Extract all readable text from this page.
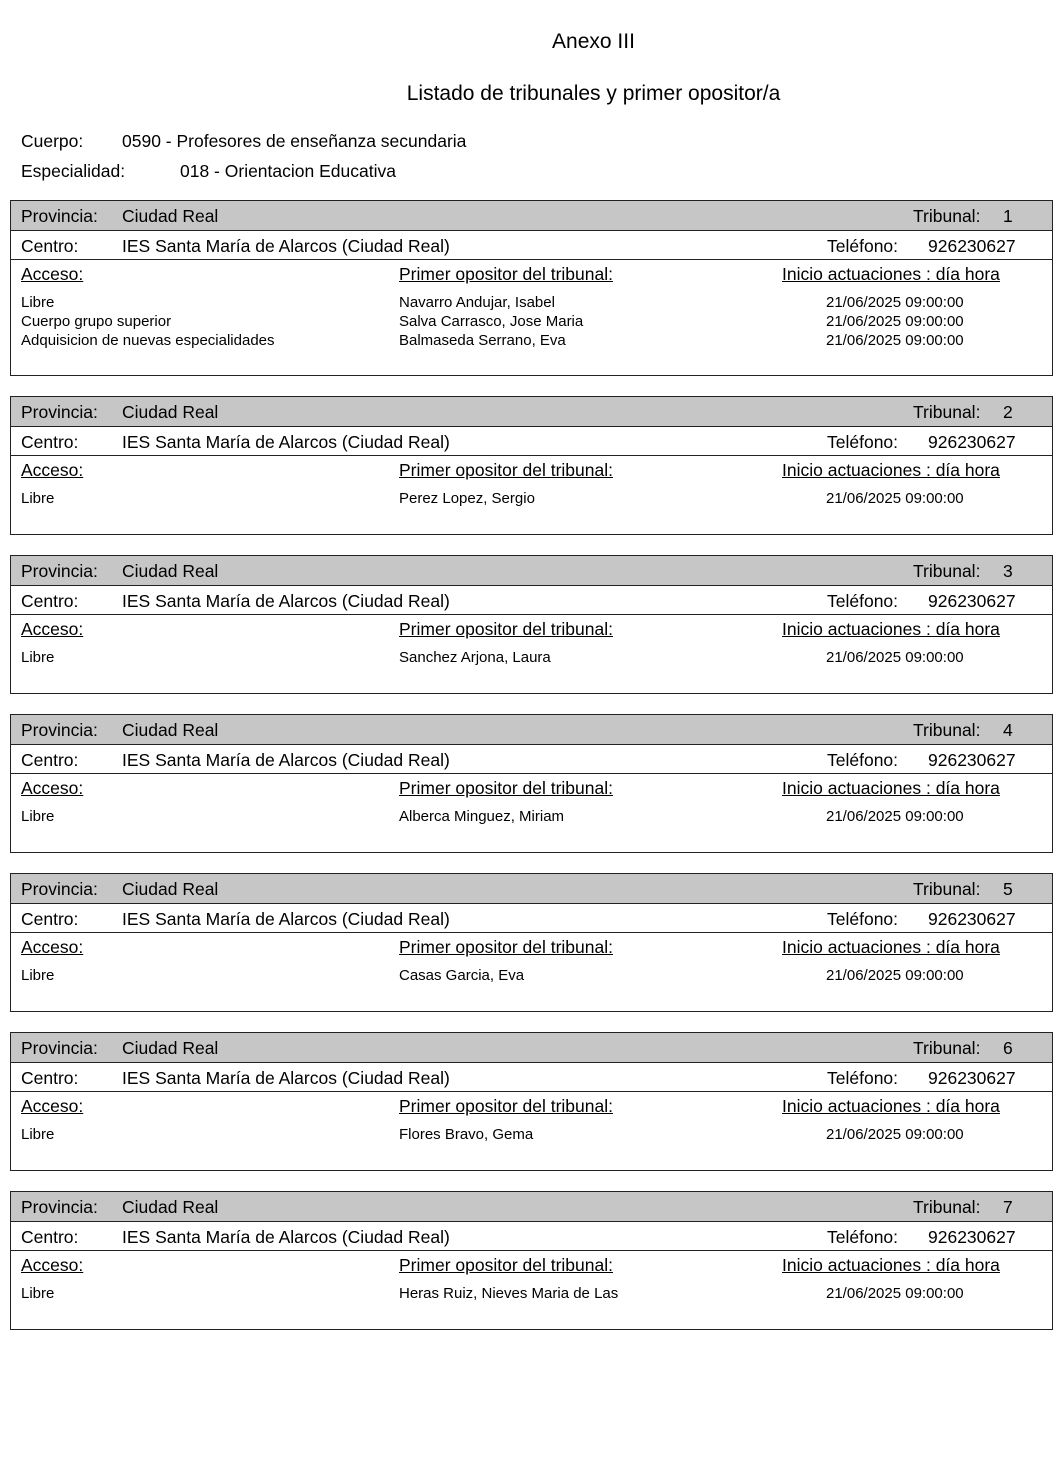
Anexo III
Listado de tribunales y primer opositor/a
Cuerpo: 0590 - Profesores de enseñanza secundaria
Especialidad:	018 - Orientacion Educativa
Provincia: Ciudad Real	Tribunal: 1
Centro: IES Santa María de Alarcos (Ciudad Real)	Teléfono: 926230627
Acceso:	Primer opositor del tribunal:	Inicio actuaciones : día hora
Libre	Navarro Andujar, Isabel	21/06/2025 09:00:00
Cuerpo grupo superior	Salva Carrasco, Jose Maria	21/06/2025 09:00:00
Adquisicion de nuevas especialidades	Balmaseda Serrano, Eva	21/06/2025 09:00:00
Provincia: Ciudad Real	Tribunal: 2
Centro: IES Santa María de Alarcos (Ciudad Real)	Teléfono: 926230627
Acceso:	Primer opositor del tribunal:	Inicio actuaciones : día hora
Libre	Perez Lopez, Sergio	21/06/2025 09:00:00
Provincia: Ciudad Real	Tribunal: 3
Centro: IES Santa María de Alarcos (Ciudad Real)	Teléfono: 926230627
Acceso:	Primer opositor del tribunal:	Inicio actuaciones : día hora
Libre	Sanchez Arjona, Laura	21/06/2025 09:00:00
Provincia: Ciudad Real	Tribunal: 4
Centro: IES Santa María de Alarcos (Ciudad Real)	Teléfono: 926230627
Acceso:	Primer opositor del tribunal:	Inicio actuaciones : día hora
Libre	Alberca Minguez, Miriam	21/06/2025 09:00:00
Provincia: Ciudad Real	Tribunal: 5
Centro: IES Santa María de Alarcos (Ciudad Real)	Teléfono: 926230627
Acceso:	Primer opositor del tribunal:	Inicio actuaciones : día hora
Libre	Casas Garcia, Eva	21/06/2025 09:00:00
Provincia: Ciudad Real	Tribunal: 6
Centro: IES Santa María de Alarcos (Ciudad Real)	Teléfono: 926230627
Acceso:	Primer opositor del tribunal:	Inicio actuaciones : día hora
Libre	Flores Bravo, Gema	21/06/2025 09:00:00
Provincia: Ciudad Real	Tribunal: 7
Centro: IES Santa María de Alarcos (Ciudad Real)	Teléfono: 926230627
Acceso:	Primer opositor del tribunal:	Inicio actuaciones : día hora
Libre	Heras Ruiz, Nieves Maria de Las	21/06/2025 09:00:00
